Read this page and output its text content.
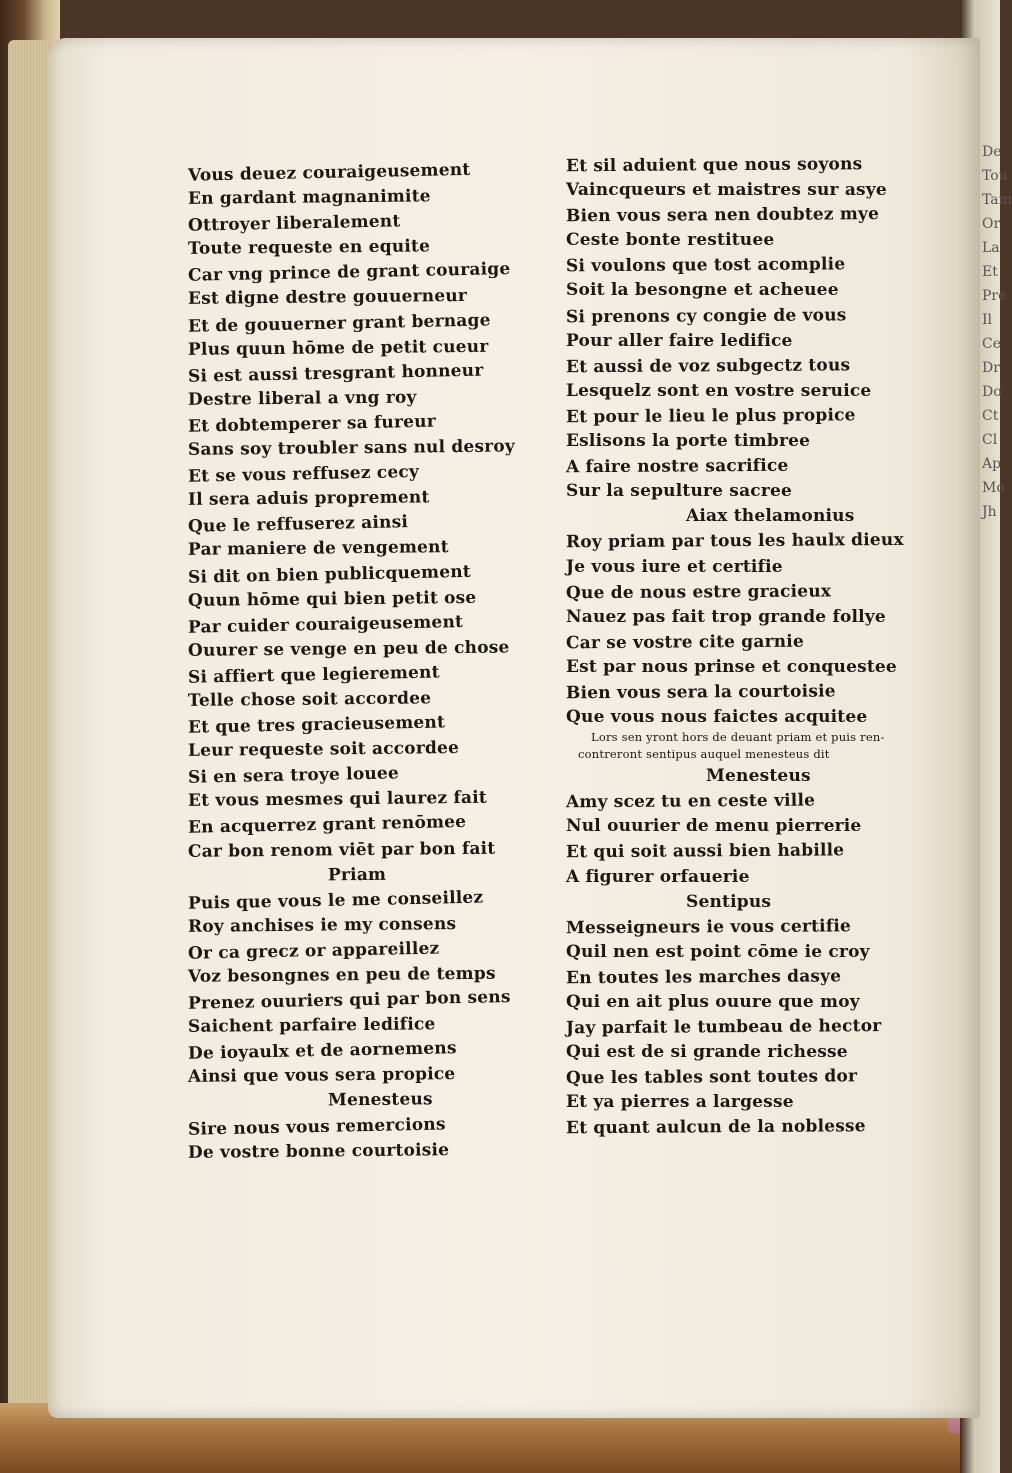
De
Tou
Tam
Or
La
Et
Pre
Il
Ce
Dr
Do
Ct
Cl
Ap
Mo
Jh
Vous deuez couraigeusement
En gardant magnanimite
Ottroyer liberalement
Toute requeste en equite
Car vng prince de grant couraige
Est digne destre gouuerneur
Et de gouuerner grant bernage
Plus quun hōme de petit cueur
Si est aussi tresgrant honneur
Destre liberal a vng roy
Et dobtemperer sa fureur
Sans soy troubler sans nul desroy
Et se vous reffusez cecy
Il sera aduis proprement
Que le reffuserez ainsi
Par maniere de vengement
Si dit on bien publicquement
Quun hōme qui bien petit ose
Par cuider couraigeusement
Ouurer se venge en peu de chose
Si affiert que legierement
Telle chose soit accordee
Et que tres gracieusement
Leur requeste soit accordee
Si en sera troye louee
Et vous mesmes qui laurez fait
En acquerrez grant renōmee
Car bon renom viēt par bon fait
Priam
Puis que vous le me conseillez
Roy anchises ie my consens
Or ca grecz or appareillez
Voz besongnes en peu de temps
Prenez ouuriers qui par bon sens
Saichent parfaire ledifice
De ioyaulx et de aornemens
Ainsi que vous sera propice
Menesteus
Sire nous vous remercions
De vostre bonne courtoisie
Et sil aduient que nous soyons
Vaincqueurs et maistres sur asye
Bien vous sera nen doubtez mye
Ceste bonte restituee
Si voulons que tost acomplie
Soit la besongne et acheuee
Si prenons cy congie de vous
Pour aller faire ledifice
Et aussi de voz subgectz tous
Lesquelz sont en vostre seruice
Et pour le lieu le plus propice
Eslisons la porte timbree
A faire nostre sacrifice
Sur la sepulture sacree
Aiax thelamonius
Roy priam par tous les haulx dieux
Je vous iure et certifie
Que de nous estre gracieux
Nauez pas fait trop grande follye
Car se vostre cite garnie
Est par nous prinse et conquestee
Bien vous sera la courtoisie
Que vous nous faictes acquitee
Lors sen yront hors de deuant priam et puis ren-
contreront sentipus auquel menesteus dit
Menesteus
Amy scez tu en ceste ville
Nul ouurier de menu pierrerie
Et qui soit aussi bien habille
A figurer orfauerie
Sentipus
Messeigneurs ie vous certifie
Quil nen est point cōme ie croy
En toutes les marches dasye
Qui en ait plus ouure que moy
Jay parfait le tumbeau de hector
Qui est de si grande richesse
Que les tables sont toutes dor
Et ya pierres a largesse
Et quant aulcun de la noblesse
